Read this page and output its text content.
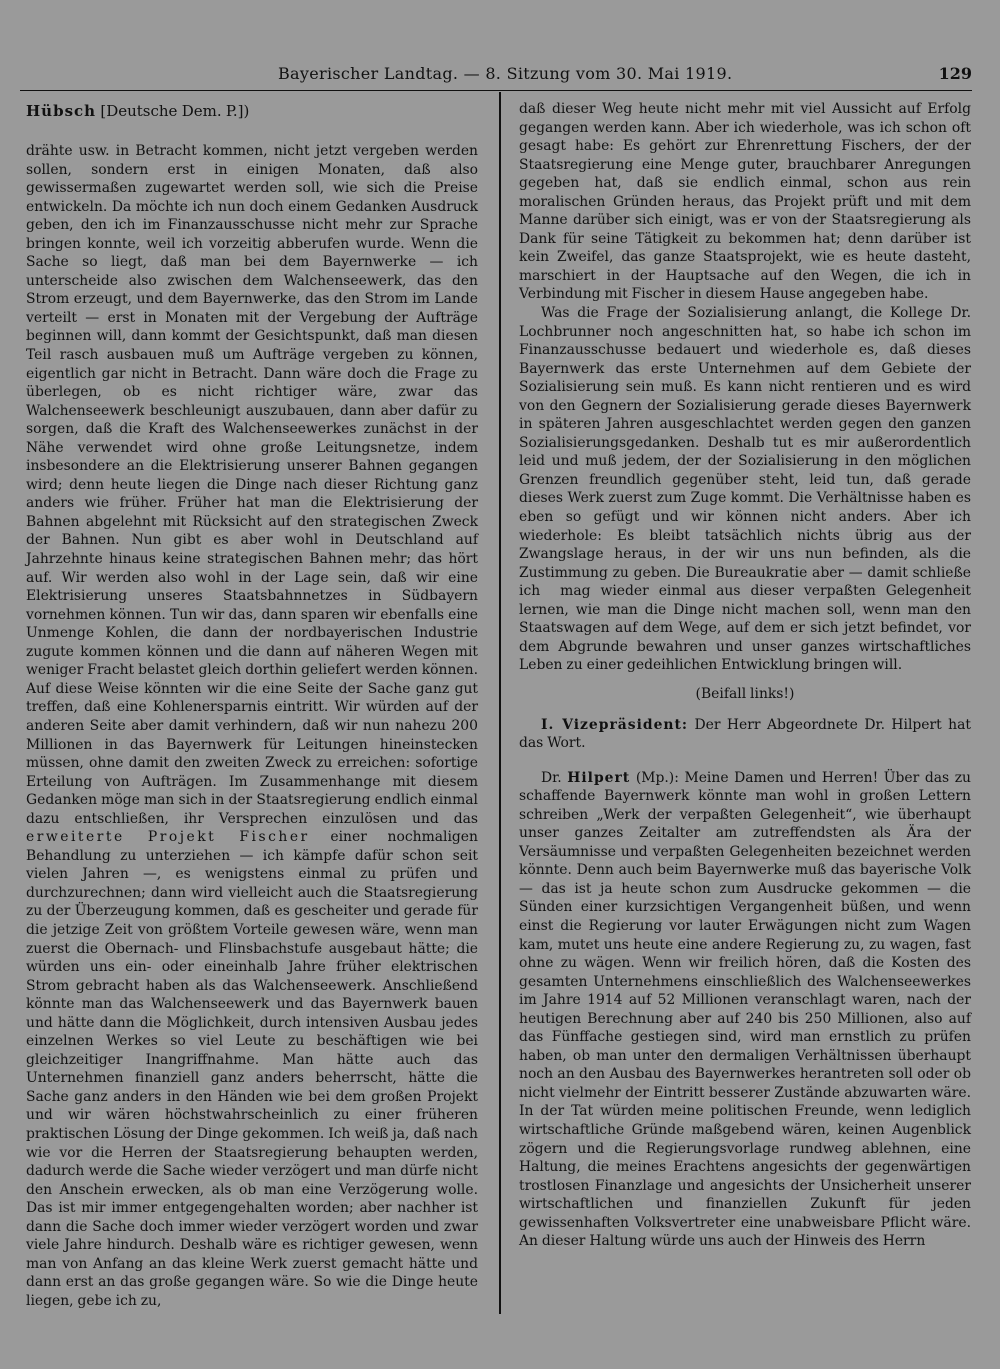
Bayerischer Landtag. — 8. Sitzung vom 30. Mai 1919.	129

Hübsch [Deutsche Dem. P.])

drähte usw. in Betracht kommen, nicht jetzt vergeben werden sollen, sondern erst in einigen Monaten, daß also gewissermaßen zugewartet werden soll, wie sich die Preise entwickeln. Da möchte ich nun doch einem Gedanken Ausdruck geben, den ich im Finanzausschusse nicht mehr zur Sprache bringen konnte, weil ich vorzeitig abberufen wurde. Wenn die Sache so liegt, daß man bei dem Bayernwerke — ich unterscheide also zwischen dem Walchenseewerk, das den Strom erzeugt, und dem Bayernwerke, das den Strom im Lande verteilt — erst in Monaten mit der Vergebung der Aufträge beginnen will, dann kommt der Gesichtspunkt, daß man diesen Teil rasch ausbauen muß um Aufträge vergeben zu können, eigentlich gar nicht in Betracht. Dann wäre doch die Frage zu überlegen, ob es nicht richtiger wäre, zwar das Walchenseewerk beschleunigt auszubauen, dann aber dafür zu sorgen, daß die Kraft des Walchenseewerkes zunächst in der Nähe verwendet wird ohne große Leitungsnetze, indem insbesondere an die Elektrisierung unserer Bahnen gegangen wird; denn heute liegen die Dinge nach dieser Richtung ganz anders wie früher. Früher hat man die Elektrisierung der Bahnen abgelehnt mit Rücksicht auf den strategischen Zweck der Bahnen. Nun gibt es aber wohl in Deutschland auf Jahrzehnte hinaus keine strategischen Bahnen mehr; das hört auf. Wir werden also wohl in der Lage sein, daß wir eine Elektrisierung unseres Staatsbahnnetzes in Südbayern vornehmen können. Tun wir das, dann sparen wir ebenfalls eine Unmenge Kohlen, die dann der nordbayerischen Industrie zugute kommen können und die dann auf näheren Wegen mit weniger Fracht belastet gleich dorthin geliefert werden können. Auf diese Weise könnten wir die eine Seite der Sache ganz gut treffen, daß eine Kohlenersparnis eintritt. Wir würden auf der anderen Seite aber damit verhindern, daß wir nun nahezu 200 Millionen in das Bayernwerk für Leitungen hineinstecken müssen, ohne damit den zweiten Zweck zu erreichen: sofortige Erteilung von Aufträgen. Im Zusammenhange mit diesem Gedanken möge man sich in der Staatsregierung endlich einmal dazu entschließen, ihr Versprechen einzulösen und das erweiterte Projekt Fischer einer nochmaligen Behandlung zu unterziehen — ich kämpfe dafür schon seit vielen Jahren —, es wenigstens einmal zu prüfen und durchzurechnen; dann wird vielleicht auch die Staatsregierung zu der Überzeugung kommen, daß es gescheiter und gerade für die jetzige Zeit von größtem Vorteile gewesen wäre, wenn man zuerst die Obernach- und Flinsbachstufe ausgebaut hätte; die würden uns ein- oder eineinhalb Jahre früher elektrischen Strom gebracht haben als das Walchenseewerk. Anschließend könnte man das Walchenseewerk und das Bayernwerk bauen und hätte dann die Möglichkeit, durch intensiven Ausbau jedes einzelnen Werkes so viel Leute zu beschäftigen wie bei gleichzeitiger Inangriffnahme. Man hätte auch das Unternehmen finanziell ganz anders beherrscht, hätte die Sache ganz anders in den Händen wie bei dem großen Projekt und wir wären höchstwahrscheinlich zu einer früheren praktischen Lösung der Dinge gekommen. Ich weiß ja, daß nach wie vor die Herren der Staatsregierung behaupten werden, dadurch werde die Sache wieder verzögert und man dürfe nicht den Anschein erwecken, als ob man eine Verzögerung wolle. Das ist mir immer entgegengehalten worden; aber nachher ist dann die Sache doch immer wieder verzögert worden und zwar viele Jahre hindurch. Deshalb wäre es richtiger gewesen, wenn man von Anfang an das kleine Werk zuerst gemacht hätte und dann erst an das große gegangen wäre. So wie die Dinge heute liegen, gebe ich zu,

daß dieser Weg heute nicht mehr mit viel Aussicht auf Erfolg gegangen werden kann. Aber ich wiederhole, was ich schon oft gesagt habe: Es gehört zur Ehrenrettung Fischers, der der Staatsregierung eine Menge guter, brauchbarer Anregungen gegeben hat, daß sie endlich einmal, schon aus rein moralischen Gründen heraus, das Projekt prüft und mit dem Manne darüber sich einigt, was er von der Staatsregierung als Dank für seine Tätigkeit zu bekommen hat; denn darüber ist kein Zweifel, das ganze Staatsprojekt, wie es heute dasteht, marschiert in der Hauptsache auf den Wegen, die ich in Verbindung mit Fischer in diesem Hause angegeben habe.

Was die Frage der Sozialisierung anlangt, die Kollege Dr. Lochbrunner noch angeschnitten hat, so habe ich schon im Finanzausschusse bedauert und wiederhole es, daß dieses Bayernwerk das erste Unternehmen auf dem Gebiete der Sozialisierung sein muß. Es kann nicht rentieren und es wird von den Gegnern der Sozialisierung gerade dieses Bayernwerk in späteren Jahren ausgeschlachtet werden gegen den ganzen Sozialisierungsgedanken. Deshalb tut es mir außerordentlich leid und muß jedem, der der Sozialisierung in den möglichen Grenzen freundlich gegenüber steht, leid tun, daß gerade dieses Werk zuerst zum Zuge kommt. Die Verhältnisse haben es eben so gefügt und wir können nicht anders. Aber ich wiederhole: Es bleibt tatsächlich nichts übrig aus der Zwangslage heraus, in der wir uns nun befinden, als die Zustimmung zu geben. Die Bureaukratie aber — damit schließe ich mag wieder einmal aus dieser verpaßten Gelegenheit lernen, wie man die Dinge nicht machen soll, wenn man den Staatswagen auf dem Wege, auf dem er sich jetzt befindet, vor dem Abgrunde bewahren und unser ganzes wirtschaftliches Leben zu einer gedeihlichen Entwicklung bringen will.

(Beifall links!)

I. Vizepräsident: Der Herr Abgeordnete Dr. Hilpert hat das Wort.

Dr. Hilpert (Mp.): Meine Damen und Herren! Über das zu schaffende Bayernwerk könnte man wohl in großen Lettern schreiben „Werk der verpaßten Gelegenheit“, wie überhaupt unser ganzes Zeitalter am zutreffendsten als Ära der Versäumnisse und verpaßten Gelegenheiten bezeichnet werden könnte. Denn auch beim Bayernwerke muß das bayerische Volk — das ist ja heute schon zum Ausdrucke gekommen — die Sünden einer kurzsichtigen Vergangenheit büßen, und wenn einst die Regierung vor lauter Erwägungen nicht zum Wagen kam, mutet uns heute eine andere Regierung zu, zu wagen, fast ohne zu wägen. Wenn wir freilich hören, daß die Kosten des gesamten Unternehmens einschließlich des Walchenseewerkes im Jahre 1914 auf 52 Millionen veranschlagt waren, nach der heutigen Berechnung aber auf 240 bis 250 Millionen, also auf das Fünffache gestiegen sind, wird man ernstlich zu prüfen haben, ob man unter den dermaligen Verhältnissen überhaupt noch an den Ausbau des Bayernwerkes herantreten soll oder ob nicht vielmehr der Eintritt besserer Zustände abzuwarten wäre. In der Tat würden meine politischen Freunde, wenn lediglich wirtschaftliche Gründe maßgebend wären, keinen Augenblick zögern und die Regierungsvorlage rundweg ablehnen, eine Haltung, die meines Erachtens angesichts der gegenwärtigen trostlosen Finanzlage und angesichts der Unsicherheit unserer wirtschaftlichen und finanziellen Zukunft für jeden gewissenhaften Volksvertreter eine unabweisbare Pflicht wäre. An dieser Haltung würde uns auch der Hinweis des Herrn
